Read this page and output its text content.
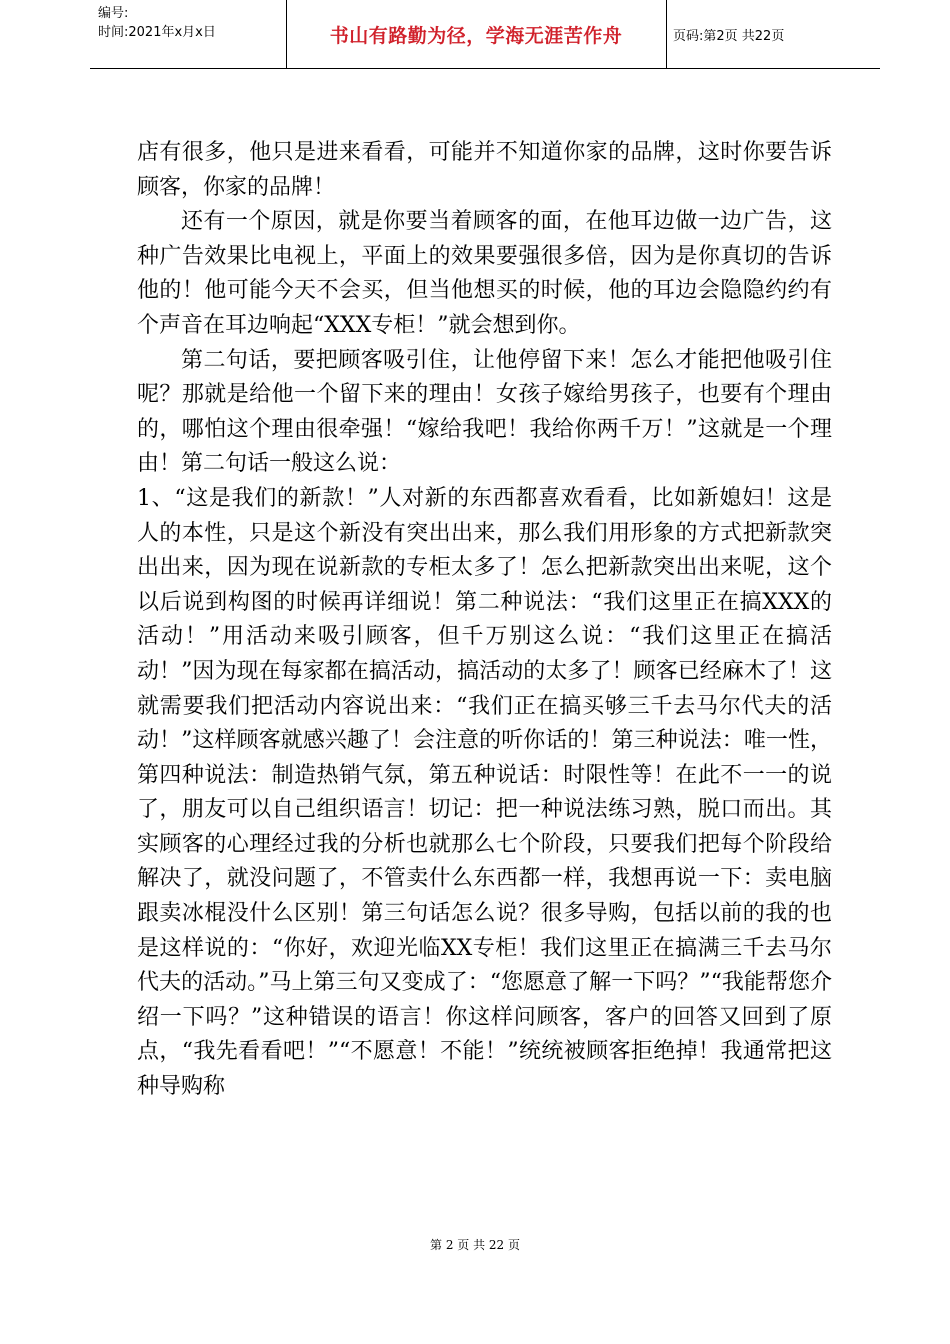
编号:
时间:2021年x月x日	书山有路勤为径，学海无涯苦作舟	页码:第2页 共22页

店有很多，他只是进来看看，可能并不知道你家的品牌，这时你要告诉顾客，你家的品牌！

还有一个原因，就是你要当着顾客的面，在他耳边做一边广告，这种广告效果比电视上，平面上的效果要强很多倍，因为是你真切的告诉他的！他可能今天不会买，但当他想买的时候，他的耳边会隐隐约约有个声音在耳边响起“XXX专柜！”就会想到你。

第二句话，要把顾客吸引住，让他停留下来！怎么才能把他吸引住呢？那就是给他一个留下来的理由！女孩子嫁给男孩子，也要有个理由的，哪怕这个理由很牵强！“嫁给我吧！我给你两千万！”这就是一个理由！第二句话一般这么说：

1、“这是我们的新款！”人对新的东西都喜欢看看，比如新媳妇！这是人的本性，只是这个新没有突出出来，那么我们用形象的方式把新款突出出来，因为现在说新款的专柜太多了！怎么把新款突出出来呢，这个以后说到构图的时候再详细说！第二种说法：“我们这里正在搞XXX的活动！”用活动来吸引顾客，但千万别这么说：“我们这里正在搞活动！”因为现在每家都在搞活动，搞活动的太多了！顾客已经麻木了！这就需要我们把活动内容说出来：“我们正在搞买够三千去马尔代夫的活动！”这样顾客就感兴趣了！会注意的听你话的！第三种说法：唯一性，第四种说法：制造热销气氛，第五种说话：时限性等！在此不一一的说了，朋友可以自己组织语言！切记：把一种说法练习熟，脱口而出。其实顾客的心理经过我的分析也就那么七个阶段，只要我们把每个阶段给解决了，就没问题了，不管卖什么东西都一样，我想再说一下：卖电脑跟卖冰棍没什么区别！第三句话怎么说？很多导购，包括以前的我的也是这样说的：“你好，欢迎光临XX专柜！我们这里正在搞满三千去马尔代夫的活动。”马上第三句又变成了：“您愿意了解一下吗？”“我能帮您介绍一下吗？”这种错误的语言！你这样问顾客，客户的回答又回到了原点，“我先看看吧！”“不愿意！不能！”统统被顾客拒绝掉！我通常把这种导购称

第 2 页 共 22 页
